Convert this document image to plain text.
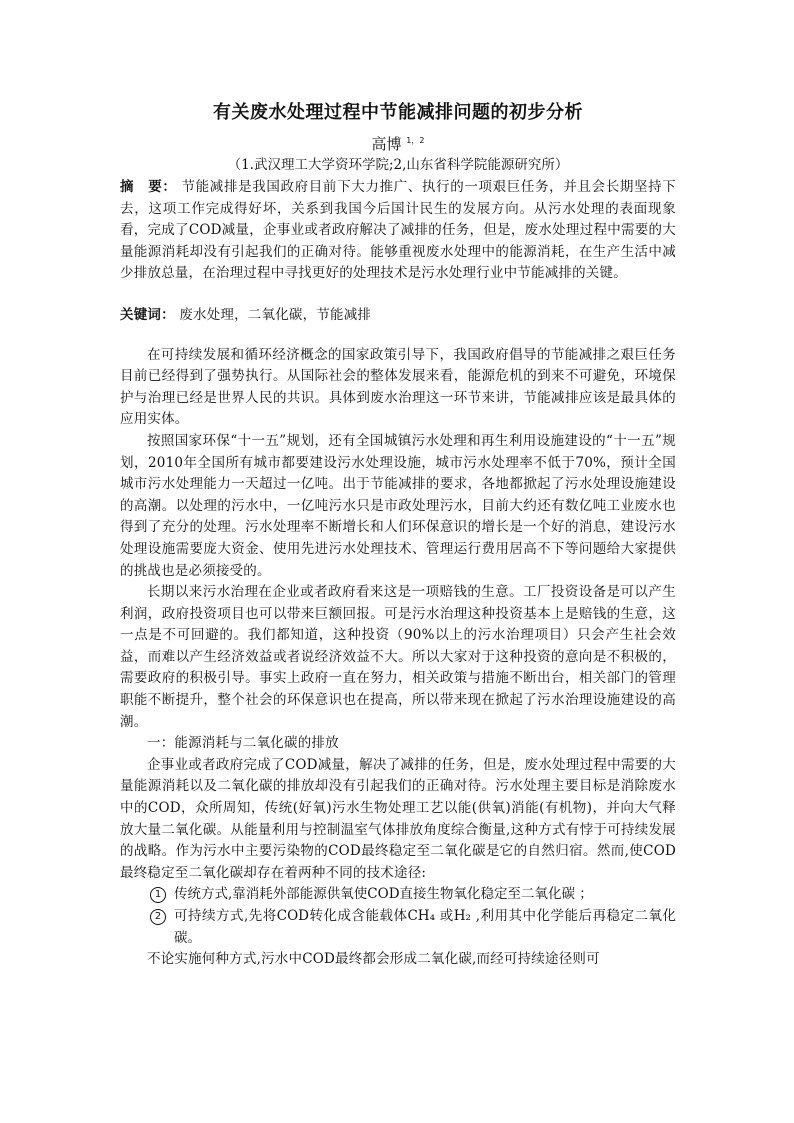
有关废水处理过程中节能减排问题的初步分析
高博 $^{1,2}$
（1.武汉理工大学资环学院;2,山东省科学院能源研究所）

摘　要： 节能减排是我国政府目前下大力推广、执行的一项艰巨任务，并且会长期坚持下去，这项工作完成得好坏，关系到我国今后国计民生的发展方向。从污水处理的表面现象看，完成了COD减量，企事业或者政府解决了减排的任务，但是，废水处理过程中需要的大量能源消耗却没有引起我们的正确对待。能够重视废水处理中的能源消耗，在生产生活中减少排放总量，在治理过程中寻找更好的处理技术是污水处理行业中节能减排的关键。

关键词： 废水处理，二氧化碳，节能减排

在可持续发展和循环经济概念的国家政策引导下，我国政府倡导的节能减排之艰巨任务目前已经得到了强势执行。从国际社会的整体发展来看，能源危机的到来不可避免，环境保护与治理已经是世界人民的共识。具体到废水治理这一环节来讲，节能减排应该是最具体的应用实体。

按照国家环保“十一五”规划，还有全国城镇污水处理和再生利用设施建设的“十一五”规划，2010年全国所有城市都要建设污水处理设施，城市污水处理率不低于70%，预计全国城市污水处理能力一天超过一亿吨。出于节能减排的要求，各地都掀起了污水处理设施建设的高潮。以处理的污水中，一亿吨污水只是市政处理污水，目前大约还有数亿吨工业废水也得到了充分的处理。污水处理率不断增长和人们环保意识的增长是一个好的消息，建设污水处理设施需要庞大资金、使用先进污水处理技术、管理运行费用居高不下等问题给大家提供的挑战也是必须接受的。

长期以来污水治理在企业或者政府看来这是一项赔钱的生意。工厂投资设备是可以产生利润，政府投资项目也可以带来巨额回报。可是污水治理这种投资基本上是赔钱的生意，这一点是不可回避的。我们都知道，这种投资（90%以上的污水治理项目）只会产生社会效益，而难以产生经济效益或者说经济效益不大。所以大家对于这种投资的意向是不积极的，需要政府的积极引导。事实上政府一直在努力，相关政策与措施不断出台，相关部门的管理职能不断提升，整个社会的环保意识也在提高，所以带来现在掀起了污水治理设施建设的高潮。

一：能源消耗与二氧化碳的排放

企事业或者政府完成了COD减量，解决了减排的任务，但是，废水处理过程中需要的大量能源消耗以及二氧化碳的排放却没有引起我们的正确对待。污水处理主要目标是消除废水中的COD，众所周知，传统(好氧)污水生物处理工艺以能(供氧)消能(有机物)，并向大气释放大量二氧化碳。从能量利用与控制温室气体排放角度综合衡量,这种方式有悖于可持续发展的战略。作为污水中主要污染物的COD最终稳定至二氧化碳是它的自然归宿。然而,使COD最终稳定至二氧化碳却存在着两种不同的技术途径:

1 传统方式,靠消耗外部能源供氧使COD直接生物氧化稳定至二氧化碳 ；
2 可持续方式,先将COD转化成含能载体CH₄ 或H₂ ,利用其中化学能后再稳定二氧化碳。

不论实施何种方式,污水中COD最终都会形成二氧化碳,而经可持续途径则可
